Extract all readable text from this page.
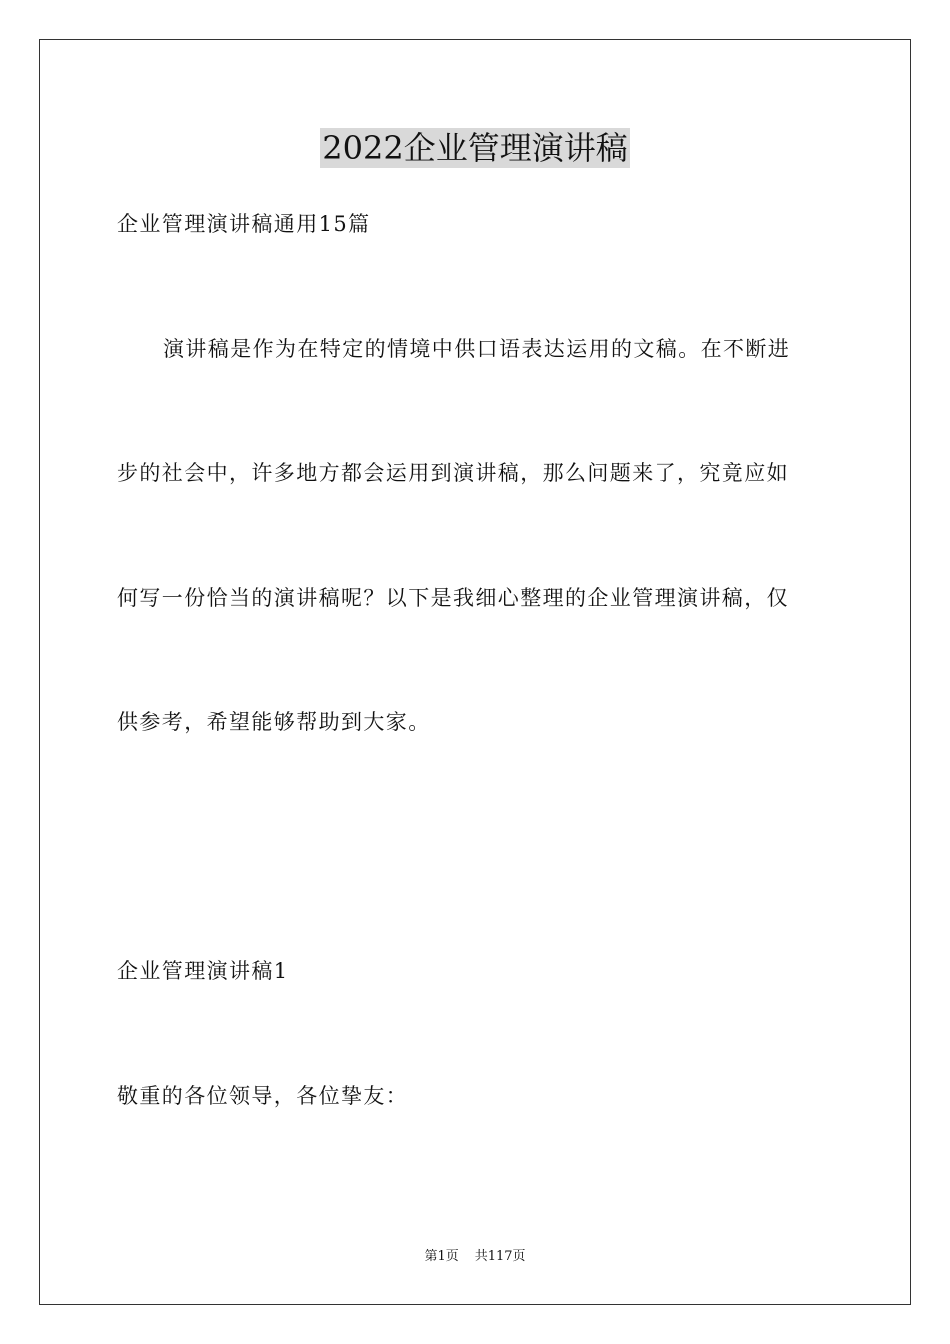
2022企业管理演讲稿
企业管理演讲稿通用15篇
演讲稿是作为在特定的情境中供口语表达运用的文稿。在不断进
步的社会中，许多地方都会运用到演讲稿，那么问题来了，究竟应如
何写一份恰当的演讲稿呢？以下是我细心整理的企业管理演讲稿，仅
供参考，希望能够帮助到大家。
企业管理演讲稿1
敬重的各位领导，各位挚友：
第1页 共117页
